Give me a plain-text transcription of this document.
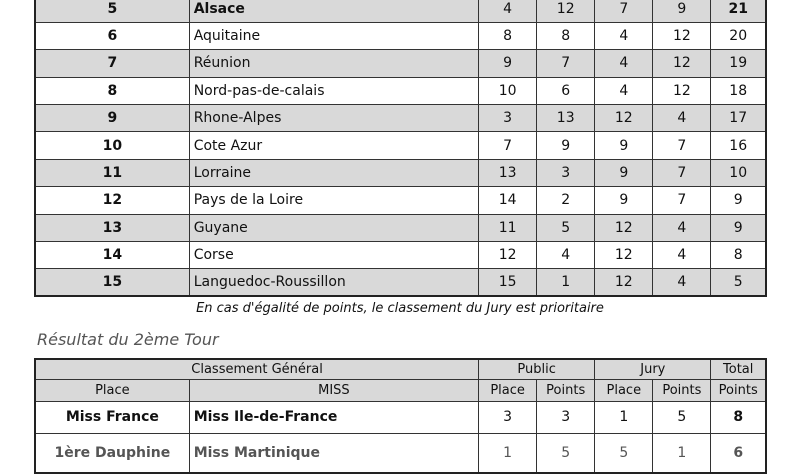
5	Alsace	4	12	7	9	21
6	Aquitaine	8	8	4	12	20
7	Réunion	9	7	4	12	19
8	Nord-pas-de-calais	10	6	4	12	18
9	Rhone-Alpes	3	13	12	4	17
10	Cote Azur	7	9	9	7	16
11	Lorraine	13	3	9	7	10
12	Pays de la Loire	14	2	9	7	9
13	Guyane	11	5	12	4	9
14	Corse	12	4	12	4	8
15	Languedoc-Roussillon	15	1	12	4	5
En cas d'égalité de points, le classement du Jury est prioritaire
Résultat du 2ème Tour
Classement Général		Public		Jury		Total
Place	MISS	Place	Points	Place	Points	Points
Miss France	Miss Ile-de-France	3	3	1	5	8
1ère Dauphine	Miss Martinique	1	5	5	1	6
